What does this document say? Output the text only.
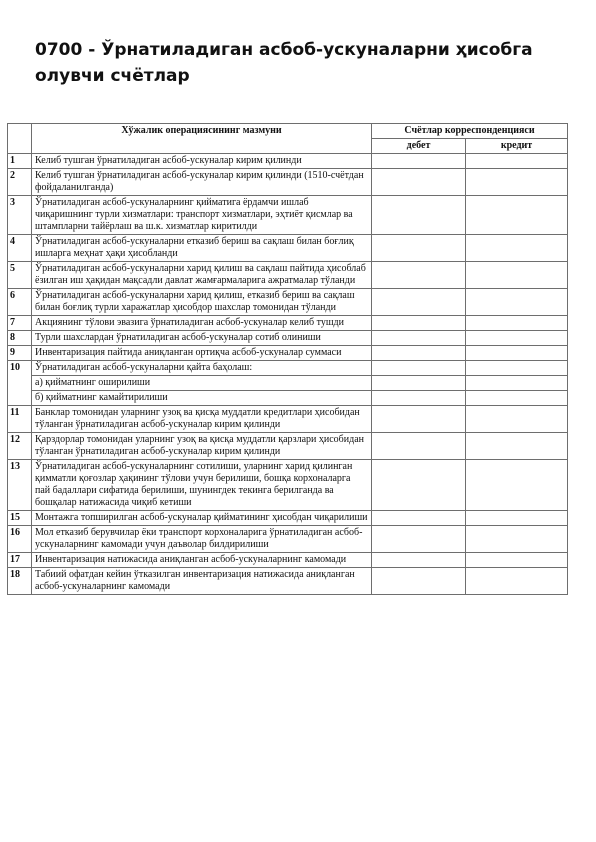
0700 - Ўрнатиладиган асбоб-ускуналарни ҳисобга олувчи счётлар
	Хўжалик операциясининг мазмуни	Счётлар корреспонденцияси	
		дебет	кредит
1	Келиб тушган ўрнатиладиган асбоб-ускуналар кирим қилинди		
2	Келиб тушган ўрнатиладиган асбоб-ускуналар кирим қилинди (1510-счётдан фойдаланилганда)		
3	Ўрнатиладиган асбоб-ускуналарнинг қийматига ёрдамчи ишлаб чиқаришнинг турли хизматлари: транспорт хизматлари, эҳтиёт қисмлар ва штампларни тайёрлаш ва ш.к. хизматлар киритилди		
4	Ўрнатиладиган асбоб-ускуналарни етказиб бериш ва сақлаш билан боғлиқ ишларга меҳнат ҳақи ҳисобланди		
5	Ўрнатиладиган асбоб-ускуналарни харид қилиш ва сақлаш пайтида ҳисоблаб ёзилган иш ҳақидан мақсадли давлат жамғармаларига ажратмалар тўланди		
6	Ўрнатиладиган асбоб-ускуналарни харид қилиш, етказиб бериш ва сақлаш билан боғлиқ турли харажатлар ҳисобдор шахслар томонидан тўланди		
7	Акциянинг тўлови эвазига ўрнатиладиган асбоб-ускуналар келиб тушди		
8	Турли шахслардан ўрнатиладиган асбоб-ускуналар сотиб олиниши		
9	Инвентаризация пайтида аниқланган ортиқча асбоб-ускуналар суммаси		
10	Ўрнатиладиган асбоб-ускуналарни қайта баҳолаш:		
	а) қийматнинг оширилиши		
	б) қийматнинг камайтирилиши		
11	Банклар томонидан уларнинг узоқ ва қисқа муддатли кредитлари ҳисобидан тўланган ўрнатиладиган асбоб-ускуналар кирим қилинди		
12	Қарздорлар томонидан уларнинг узоқ ва қисқа муддатли қарзлари ҳисобидан тўланган ўрнатиладиган асбоб-ускуналар кирим қилинди		
13	Ўрнатиладиган асбоб-ускуналарнинг сотилиши, уларнинг харид қилинган қимматли қоғозлар ҳақининг тўлови учун берилиши, бошқа корхоналарга пай бадаллари сифатида берилиши, шунингдек текинга берилганда ва бошқалар натижасида чиқиб кетиши		
15	Монтажга топширилган асбоб-ускуналар қийматининг ҳисобдан чиқарилиши		
16	Мол етказиб берувчилар ёки транспорт корхоналарига ўрнатиладиган асбоб-ускуналарнинг камомади учун даъволар билдирилиши		
17	Инвентаризация натижасида аниқланган асбоб-ускуналарнинг камомади		
18	Табиий офатдан кейин ўтказилган инвентаризация натижасида аниқланган асбоб-ускуналарнинг камомади		
